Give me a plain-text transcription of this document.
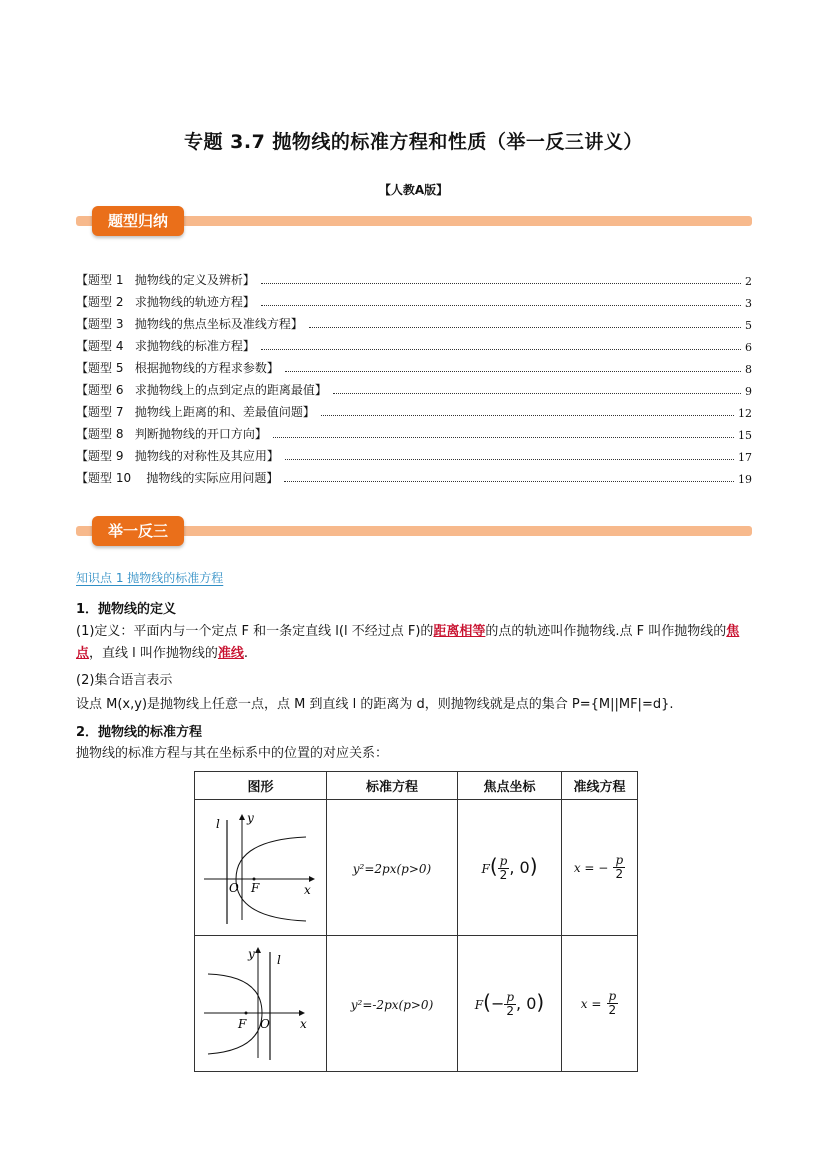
专题 3.7 抛物线的标准方程和性质（举一反三讲义）
【人教A版】
题型归纳
【题型 1   抛物线的定义及辨析】	2
【题型 2   求抛物线的轨迹方程】	3
【题型 3   抛物线的焦点坐标及准线方程】	5
【题型 4   求抛物线的标准方程】	6
【题型 5   根据抛物线的方程求参数】	8
【题型 6   求抛物线上的点到定点的距离最值】	9
【题型 7   抛物线上距离的和、差最值问题】	12
【题型 8   判断抛物线的开口方向】	15
【题型 9   抛物线的对称性及其应用】	17
【题型 10    抛物线的实际应用问题】	19
举一反三
知识点 1 抛物线的标准方程
1．抛物线的定义
(1)定义：平面内与一个定点 F 和一条定直线 l(l 不经过点 F)的距离相等的点的轨迹叫作抛物线.点 F 叫作抛物线的焦点，直线 l 叫作抛物线的准线.
(2)集合语言表示
设点 M(x,y)是抛物线上任意一点，点 M 到直线 l 的距离为 d，则抛物线就是点的集合 P={M||MF|=d}.
2．抛物线的标准方程
抛物线的标准方程与其在坐标系中的位置的对应关系：
图形	标准方程	焦点坐标	准线方程

l y
O F x	y²=2px(p>0)	$F( \frac{p}{2}$ , 0)	x = − $\frac{p}{2}$

l
y
O
F x	y²=-2px(p>0)	$F(- \frac{p}{2}$ , 0)	$x = \frac{p}{2}$
